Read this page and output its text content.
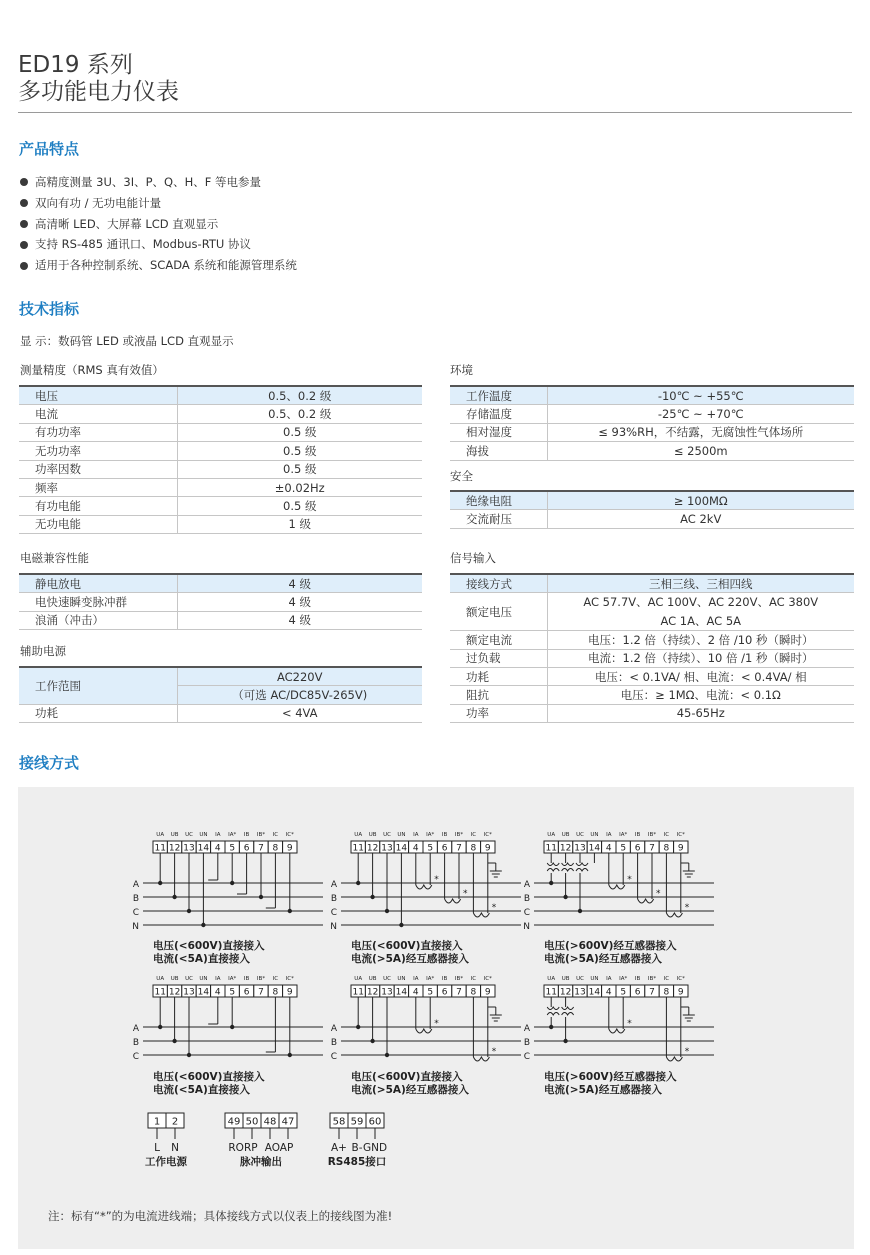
ED19 系列
多功能电力仪表
产品特点
高精度测量 3U、3I、P、Q、H、F 等电参量
双向有功 / 无功电能计量
高清晰 LED、大屏幕 LCD 直观显示
支持 RS-485 通讯口、Modbus-RTU 协议
适用于各种控制系统、SCADA 系统和能源管理系统
技术指标
显 示：数码管 LED 或液晶 LCD 直观显示
测量精度（RMS 真有效值）
电压	0.5、0.2 级
电流	0.5、0.2 级
有功功率	0.5 级
无功功率	0.5 级
功率因数	0.5 级
频率	±0.02Hz
有功电能	0.5 级
无功电能	1 级
电磁兼容性能
静电放电	4 级
电快速瞬变脉冲群	4 级
浪涌（冲击）	4 级
辅助电源
工作范围	AC220V
	（可选 AC/DC85V-265V)
功耗	< 4VA
环境
工作温度	-10℃ ~ +55℃
存储温度	-25℃ ~ +70℃
相对湿度	≤ 93%RH，不结露，无腐蚀性气体场所
海拔	≤ 2500m
安全
绝缘电阻	≥ 100MΩ
交流耐压	AC 2kV
信号输入
接线方式	三相三线、三相四线
额定电压	AC 57.7V、AC 100V、AC 220V、AC 380V
AC 1A、AC 5A

额定电流	电压：1.2 倍（持续）、2 倍 /10 秒（瞬时）
过负载	电流：1.2 倍（持续）、10 倍 /1 秒（瞬时）
功耗	电压：< 0.1VA/ 相、电流：< 0.4VA/ 相
阻抗	电压：≥ 1MΩ、电流：< 0.1Ω
功率	45-65Hz
接线方式
UA
11
UB
12
UC
13
UN
14
IA
4
IA*
5
IB
6
IB*
7
IC
8
IC*
9
A
B
C
N
电压(<600V)直接接入
电流(<5A)直接接入
UA
11
UB
12
UC
13
UN
14
IA
4
IA*
5
IB
6
IB*
7
IC
8
IC*
9
A
B
C
N
*
*
*
电压(<600V)直接接入
电流(>5A)经互感器接入
UA
11
UB
12
UC
13
UN
14
IA
4
IA*
5
IB
6
IB*
7
IC
8
IC*
9
A
B
C
N
*
*
*
电压(>600V)经互感器接入
电流(>5A)经互感器接入
UA
11
UB
12
UC
13
UN
14
IA
4
IA*
5
IB
6
IB*
7
IC
8
IC*
9
A
B
C
电压(<600V)直接接入
电流(<5A)直接接入
UA
11
UB
12
UC
13
UN
14
IA
4
IA*
5
IB
6
IB*
7
IC
8
IC*
9
A
B
C
*
*
电压(<600V)直接接入
电流(>5A)经互感器接入
UA
11
UB
12
UC
13
UN
14
IA
4
IA*
5
IB
6
IB*
7
IC
8
IC*
9
A
B
C
*
*
电压(>600V)经互感器接入
电流(>5A)经互感器接入
1 2
L N
工作电源
49 50 48 47
RORP AOAP
脉冲输出
58 59 60
A+ B- GND
RS485接口
注：标有“*”的为电流进线端；具体接线方式以仪表上的接线图为准!
